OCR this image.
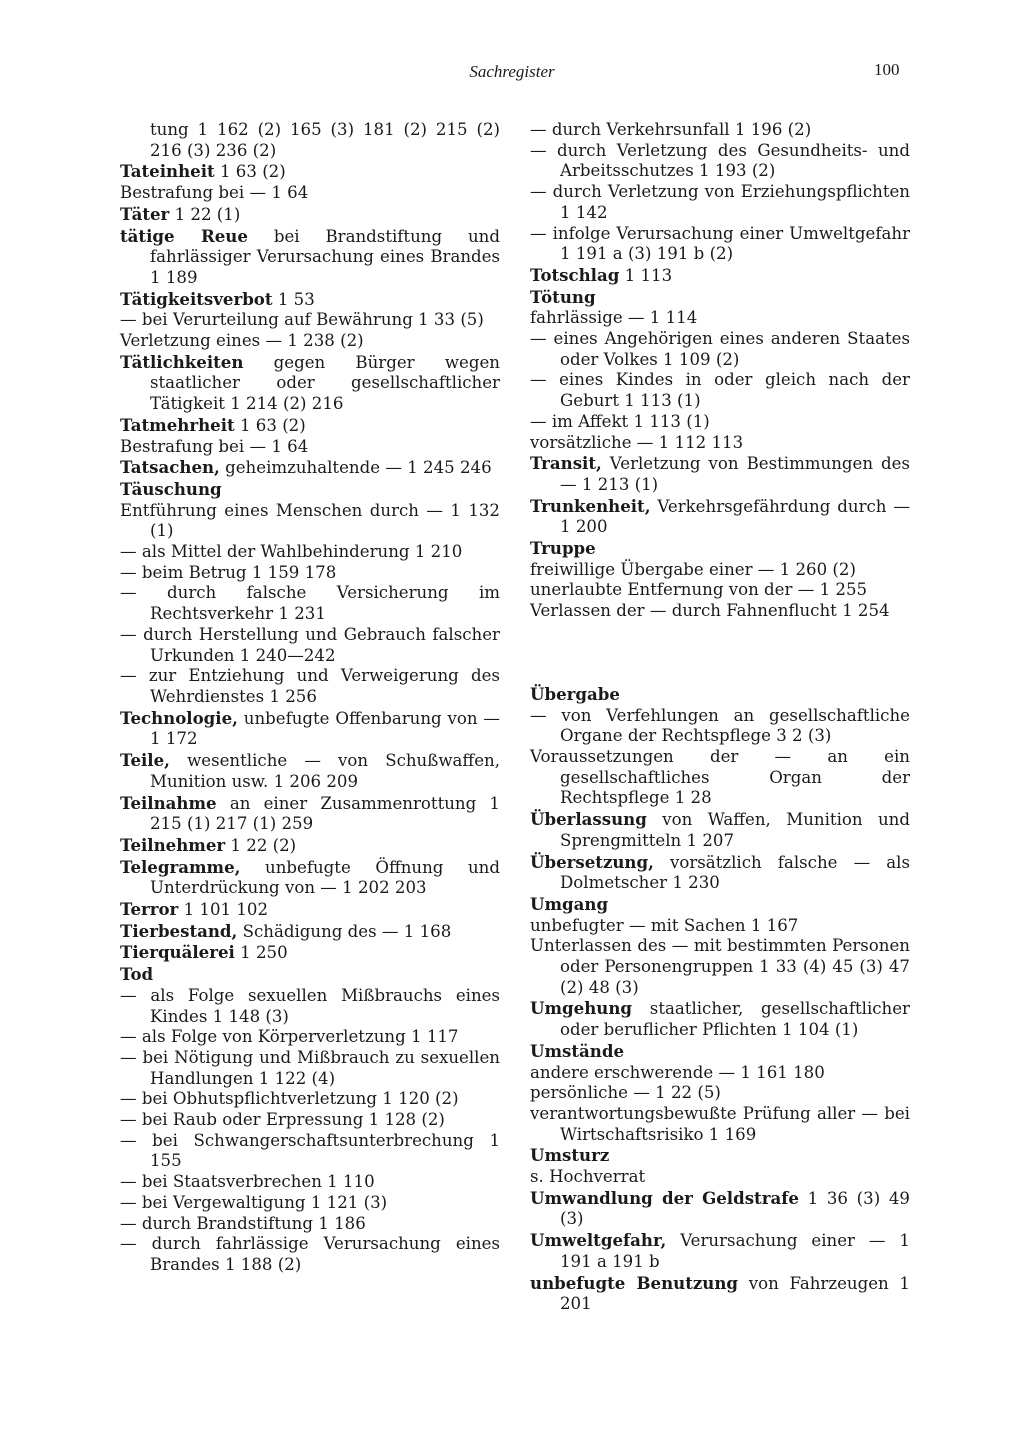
Sachregister	100

tung 1 162 (2) 165 (3) 181 (2) 215 (2) 216 (3) 236 (2)

Tateinheit 1 63 (2)

Bestrafung bei — 1 64

Täter 1 22 (1)

tätige Reue bei Brandstiftung und fahrlässiger Verursachung eines Brandes 1 189

Tätigkeitsverbot 1 53

— bei Verurteilung auf Bewährung 1 33 (5)

Verletzung eines — 1 238 (2)

Tätlichkeiten gegen Bürger wegen staatlicher oder gesellschaftlicher Tätigkeit 1 214 (2) 216

Tatmehrheit 1 63 (2)

Bestrafung bei — 1 64

Tatsachen, geheimzuhaltende — 1 245 246

Täuschung

Entführung eines Menschen durch — 1 132 (1)

— als Mittel der Wahlbehinderung 1 210

— beim Betrug 1 159 178

— durch falsche Versicherung im Rechtsverkehr 1 231

— durch Herstellung und Gebrauch falscher Urkunden 1 240—242

— zur Entziehung und Verweigerung des Wehrdienstes 1 256

Technologie, unbefugte Offenbarung von — 1 172

Teile, wesentliche — von Schußwaffen, Munition usw. 1 206 209

Teilnahme an einer Zusammenrottung 1 215 (1) 217 (1) 259

Teilnehmer 1 22 (2)

Telegramme, unbefugte Öffnung und Unterdrückung von — 1 202 203

Terror 1 101 102

Tierbestand, Schädigung des — 1 168

Tierquälerei 1 250

Tod

— als Folge sexuellen Mißbrauchs eines Kindes 1 148 (3)

— als Folge von Körperverletzung 1 117

— bei Nötigung und Mißbrauch zu sexuellen Handlungen 1 122 (4)

— bei Obhutspflichtverletzung 1 120 (2)

— bei Raub oder Erpressung 1 128 (2)

— bei Schwangerschaftsunterbrechung 1 155

— bei Staatsverbrechen 1 110

— bei Vergewaltigung 1 121 (3)

— durch Brandstiftung 1 186

— durch fahrlässige Verursachung eines Brandes 1 188 (2)

— durch Verkehrsunfall 1 196 (2)

— durch Verletzung des Gesundheits- und Arbeitsschutzes 1 193 (2)

— durch Verletzung von Erziehungspflichten 1 142

— infolge Verursachung einer Umweltgefahr 1 191 a (3) 191 b (2)

Totschlag 1 113

Tötung

fahrlässige — 1 114

— eines Angehörigen eines anderen Staates oder Volkes 1 109 (2)

— eines Kindes in oder gleich nach der Geburt 1 113 (1)

— im Affekt 1 113 (1)

vorsätzliche — 1 112 113

Transit, Verletzung von Bestimmungen des — 1 213 (1)

Trunkenheit, Verkehrsgefährdung durch — 1 200

Truppe

freiwillige Übergabe einer — 1 260 (2)

unerlaubte Entfernung von der — 1 255

Verlassen der — durch Fahnenflucht 1 254

Übergabe

— von Verfehlungen an gesellschaftliche Organe der Rechtspflege 3 2 (3)

Voraussetzungen der — an ein gesellschaftliches Organ der Rechtspflege 1 28

Überlassung von Waffen, Munition und Sprengmitteln 1 207

Übersetzung, vorsätzlich falsche — als Dolmetscher 1 230

Umgang

unbefugter — mit Sachen 1 167

Unterlassen des — mit bestimmten Personen oder Personengruppen 1 33 (4) 45 (3) 47 (2) 48 (3)

Umgehung staatlicher, gesellschaftlicher oder beruflicher Pflichten 1 104 (1)

Umstände

andere erschwerende — 1 161 180

persönliche — 1 22 (5)

verantwortungsbewußte Prüfung aller — bei Wirtschaftsrisiko 1 169

Umsturz

s. Hochverrat

Umwandlung der Geldstrafe 1 36 (3) 49 (3)

Umweltgefahr, Verursachung einer — 1 191 a 191 b

unbefugte Benutzung von Fahrzeugen 1 201
